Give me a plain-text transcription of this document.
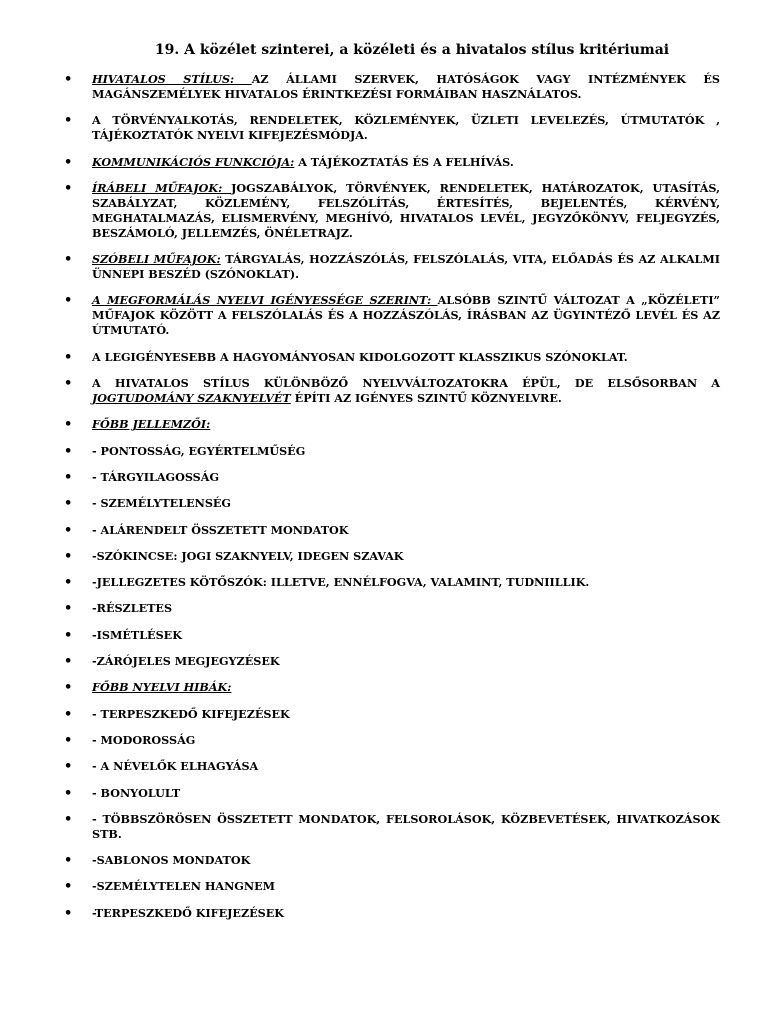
19. A közélet szinterei, a közéleti és a hivatalos stílus kritériumai
• HIVATALOS STÍLUS: AZ ÁLLAMI SZERVEK, HATÓSÁGOK VAGY INTÉZMÉNYEK ÉS MAGÁNSZEMÉLYEK HIVATALOS ÉRINTKEZÉSI FORMÁIBAN HASZNÁLATOS.
• A TÖRVÉNYALKOTÁS, RENDELETEK, KÖZLEMÉNYEK, ÜZLETI LEVELEZÉS, ÚTMUTATÓK , TÁJÉKOZTATÓK NYELVI KIFEJEZÉSMÓDJA.
• KOMMUNIKÁCIÓS FUNKCIÓJA: A TÁJÉKOZTATÁS ÉS A FELHÍVÁS.
• ÍRÁBELI MŰFAJOK: JOGSZABÁLYOK, TÖRVÉNYEK, RENDELETEK, HATÁROZATOK, UTASÍTÁS, SZABÁLYZAT, KÖZLEMÉNY, FELSZÓLÍTÁS, ÉRTESÍTÉS, BEJELENTÉS, KÉRVÉNY, MEGHATALMAZÁS, ELISMERVÉNY, MEGHÍVÓ, HIVATALOS LEVÉL, JEGYZŐKÖNYV, FELJEGYZÉS, BESZÁMOLÓ, JELLEMZÉS, ÖNÉLETRAJZ.
• SZÓBELI MŰFAJOK: TÁRGYALÁS, HOZZÁSZÓLÁS, FELSZÓLALÁS, VITA, ELŐADÁS ÉS AZ ALKALMI ÜNNEPI BESZÉD (SZÓNOKLAT).
• A MEGFORMÁLÁS NYELVI IGÉNYESSÉGE SZERINT: ALSÓBB SZINTŰ VÁLTOZAT A „KÖZÉLETI” MŰFAJOK KÖZÖTT A FELSZÓLALÁS ÉS A HOZZÁSZÓLÁS, ÍRÁSBAN AZ ÜGYINTÉZŐ LEVÉL ÉS AZ ÚTMUTATÓ.
• A LEGIGÉNYESEBB A HAGYOMÁNYOSAN KIDOLGOZOTT KLASSZIKUS SZÓNOKLAT.
• A HIVATALOS STÍLUS KÜLÖNBÖZŐ NYELVVÁLTOZATOKRA ÉPÜL, DE ELSŐSORBAN A JOGTUDOMÁNY SZAKNYELVÉT ÉPÍTI AZ IGÉNYES SZINTŰ KÖZNYELVRE.
• FŐBB JELLEMZŐI:
• - PONTOSSÁG, EGYÉRTELMŰSÉG
• - TÁRGYILAGOSSÁG
• - SZEMÉLYTELENSÉG
• - ALÁRENDELT ÖSSZETETT MONDATOK
• -SZÓKINCSE: JOGI SZAKNYELV, IDEGEN SZAVAK
• -JELLEGZETES KÖTŐSZÓK: ILLETVE, ENNÉLFOGVA, VALAMINT, TUDNIILLIK.
• -RÉSZLETES
• -ISMÉTLÉSEK
• -ZÁRÓJELES MEGJEGYZÉSEK
• FŐBB NYELVI HIBÁK:
• - TERPESZKEDŐ KIFEJEZÉSEK
• - MODOROSSÁG
• - A NÉVELŐK ELHAGYÁSA
• - BONYOLULT
• - TÖBBSZÖRÖSEN ÖSSZETETT MONDATOK, FELSOROLÁSOK, KÖZBEVETÉSEK, HIVATKOZÁSOK STB.
• -SABLONOS MONDATOK
• -SZEMÉLYTELEN HANGNEM
• -TERPESZKEDŐ KIFEJEZÉSEK
